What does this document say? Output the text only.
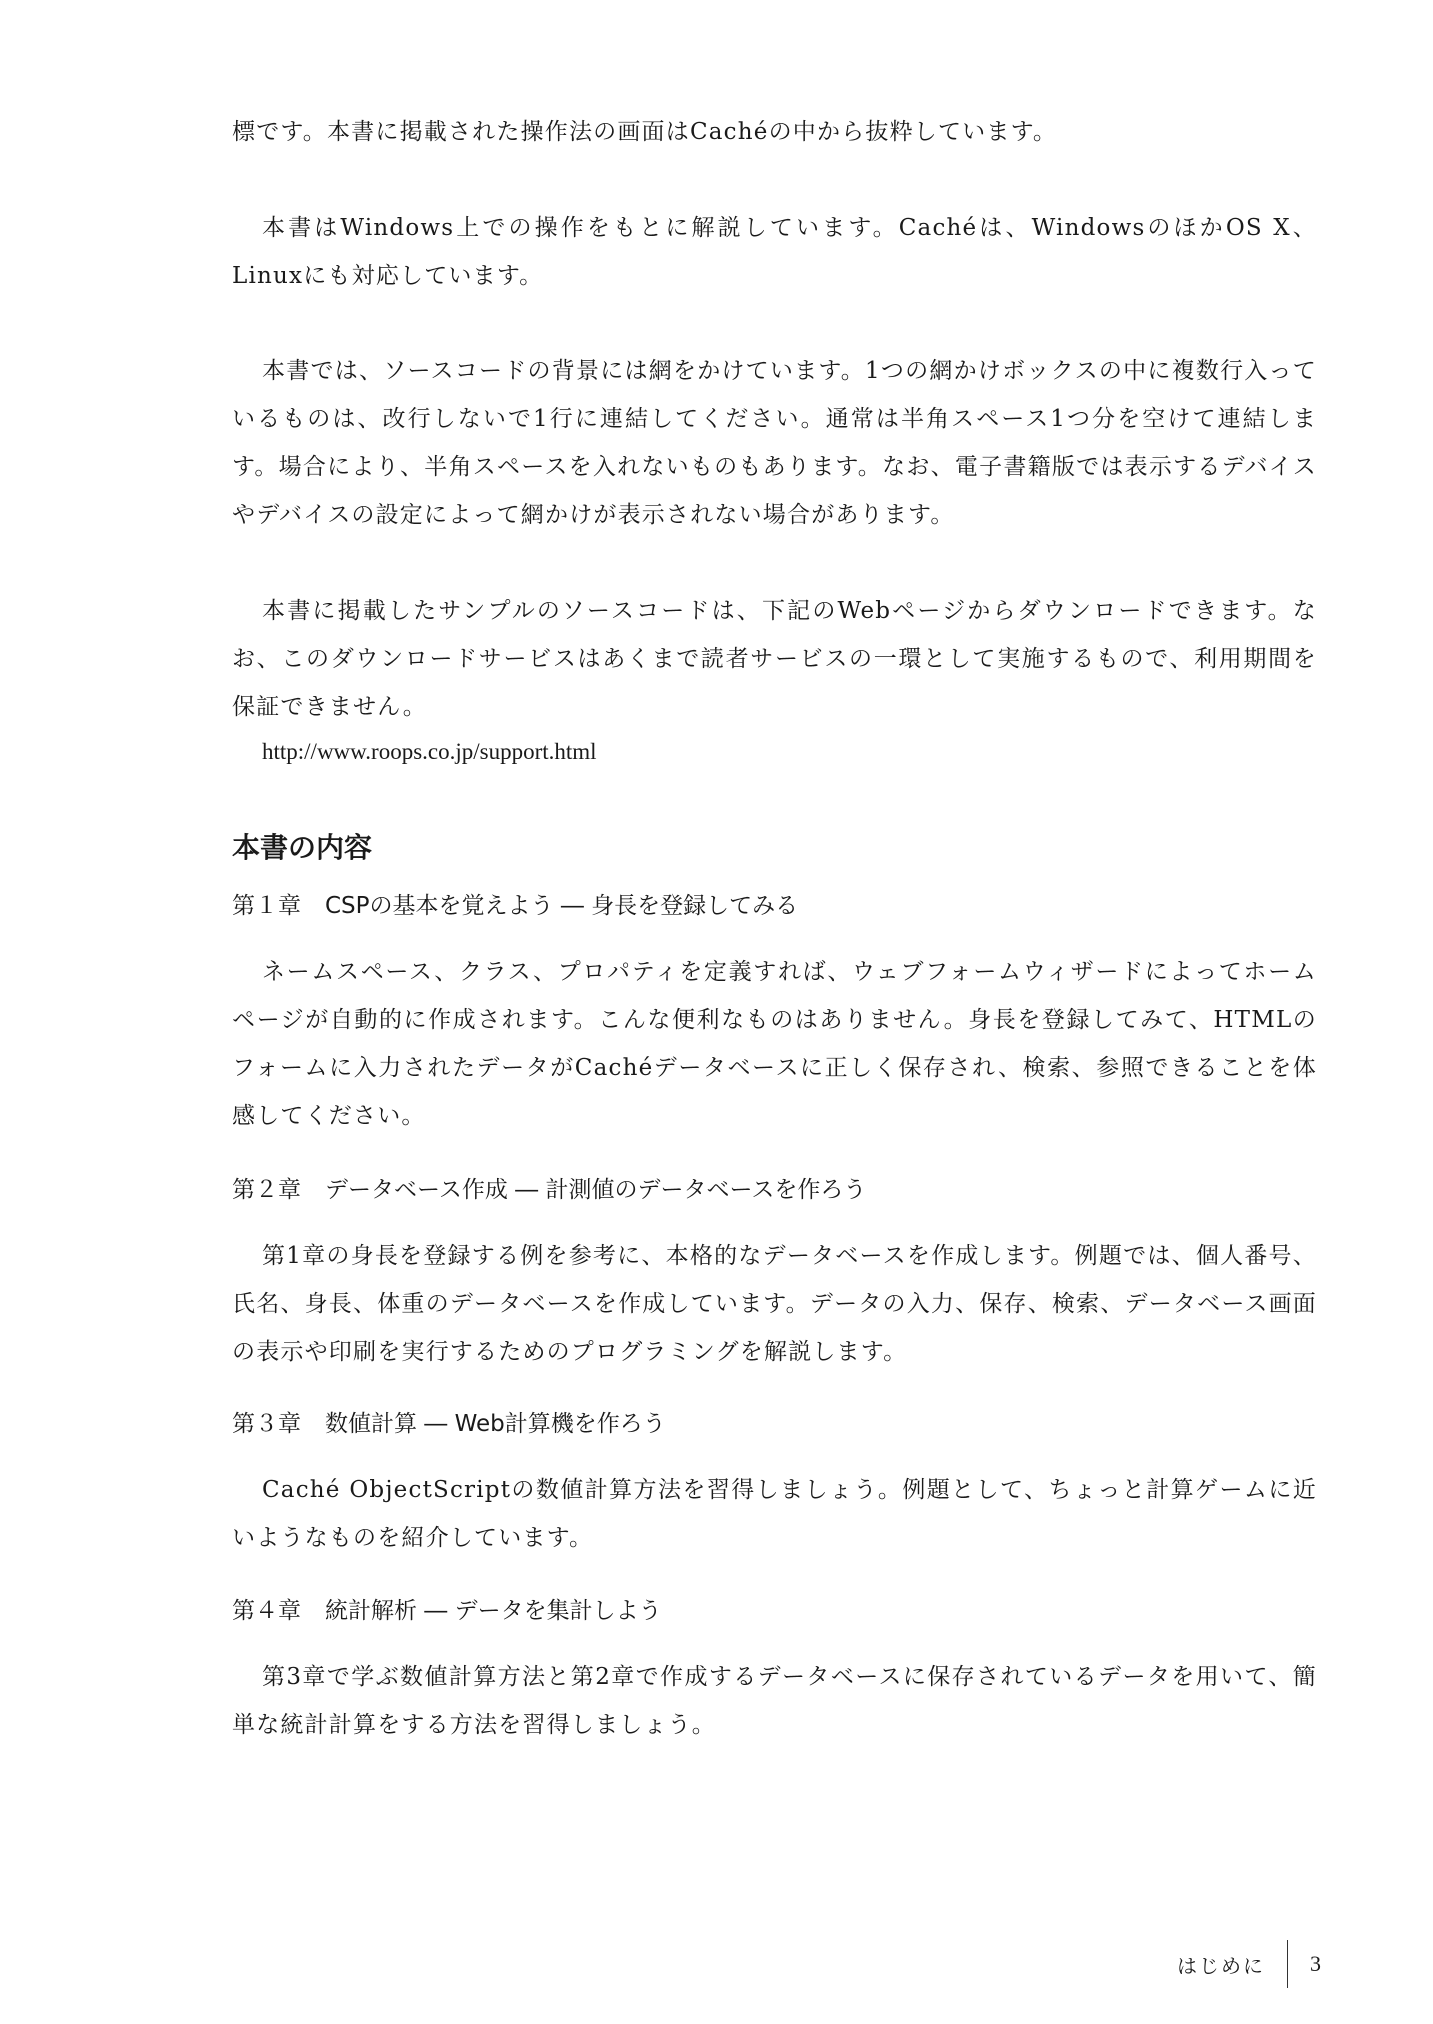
標です。本書に掲載された操作法の画面はCachéの中から抜粋しています。

本書はWindows上での操作をもとに解説しています。Cachéは、WindowsのほかOS X、Linuxにも対応しています。

本書では、ソースコードの背景には網をかけています。1つの網かけボックスの中に複数行入っているものは、改行しないで1行に連結してください。通常は半角スペース1つ分を空けて連結します。場合により、半角スペースを入れないものもあります。なお、電子書籍版では表示するデバイスやデバイスの設定によって網かけが表示されない場合があります。

本書に掲載したサンプルのソースコードは、下記のWebページからダウンロードできます。なお、このダウンロードサービスはあくまで読者サービスの一環として実施するもので、利用期間を保証できません。

http://www.roops.co.jp/support.html

本書の内容
第１章 CSPの基本を覚えよう ― 身長を登録してみる

ネームスペース、クラス、プロパティを定義すれば、ウェブフォームウィザードによってホームページが自動的に作成されます。こんな便利なものはありません。身長を登録してみて、HTMLのフォームに入力されたデータがCachéデータベースに正しく保存され、検索、参照できることを体感してください。

第２章 データベース作成 ― 計測値のデータベースを作ろう

第1章の身長を登録する例を参考に、本格的なデータベースを作成します。例題では、個人番号、氏名、身長、体重のデータベースを作成しています。データの入力、保存、検索、データベース画面の表示や印刷を実行するためのプログラミングを解説します。

第３章 数値計算 ― Web計算機を作ろう

Caché ObjectScriptの数値計算方法を習得しましょう。例題として、ちょっと計算ゲームに近いようなものを紹介しています。

第４章 統計解析 ― データを集計しよう

第3章で学ぶ数値計算方法と第2章で作成するデータベースに保存されているデータを用いて、簡単な統計計算をする方法を習得しましょう。

はじめに 3
